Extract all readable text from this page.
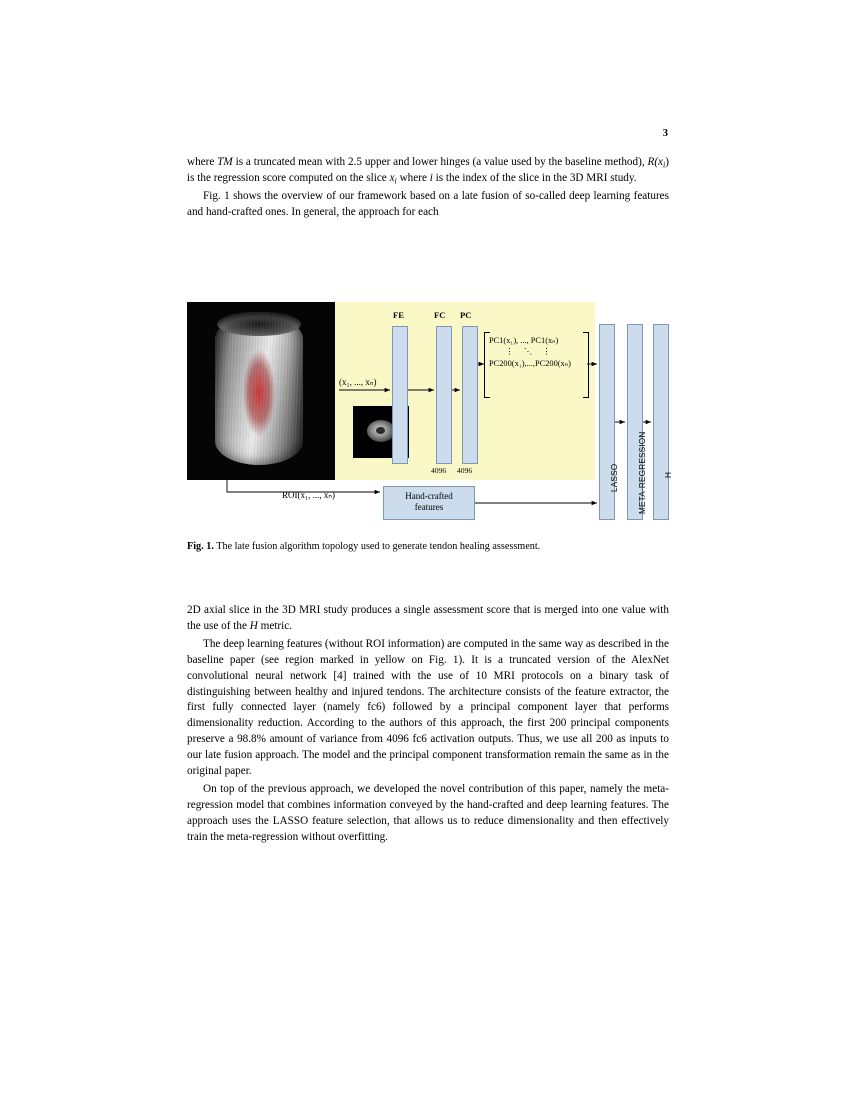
3

where TM is a truncated mean with 2.5 upper and lower hinges (a value used by the baseline method), $R(x_i)$ is the regression score computed on the slice $x_i$ where i is the index of the slice in the 3D MRI study.

Fig. 1 shows the overview of our framework based on a late fusion of so-called deep learning features and hand-crafted ones. In general, the approach for each

Hand-crafted
features
FE	FC PC
4096 4096
(x₁, ..., xₙ)
ROI(x₁, ..., xₙ)
PC1(x₁), ..., PC1(xₙ)
⋮ ⋱ ⋮
PC200(x₁),...,PC200(xₙ)
LASSO META-REGRESSION H
Fig. 1. The late fusion algorithm topology used to generate tendon healing assessment.

2D axial slice in the 3D MRI study produces a single assessment score that is merged into one value with the use of the H metric.

The deep learning features (without ROI information) are computed in the same way as described in the baseline paper (see region marked in yellow on Fig. 1). It is a truncated version of the AlexNet convolutional neural network [4] trained with the use of 10 MRI protocols on a binary task of distinguishing between healthy and injured tendons. The architecture consists of the feature extractor, the first fully connected layer (namely fc6) followed by a principal component layer that performs dimensionality reduction. According to the authors of this approach, the first 200 principal components preserve a 98.8% amount of variance from 4096 fc6 activation outputs. Thus, we use all 200 as inputs to our late fusion approach. The model and the principal component transformation remain the same as in the original paper.

On top of the previous approach, we developed the novel contribution of this paper, namely the meta-regression model that combines information conveyed by the hand-crafted and deep learning features. The approach uses the LASSO feature selection, that allows us to reduce dimensionality and then effectively train the meta-regression without overfitting.
